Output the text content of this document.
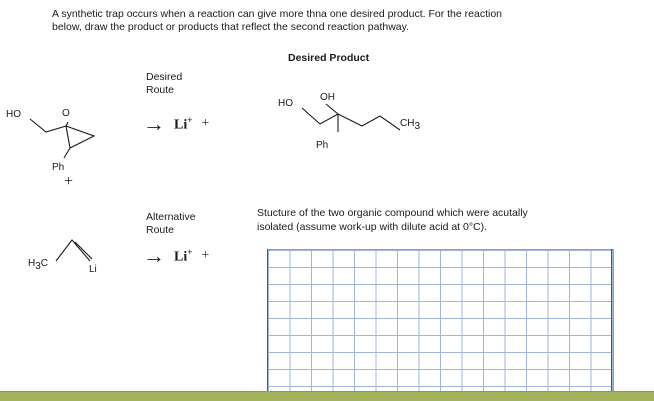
A synthetic trap occurs when a reaction can give more thna one desired product. For the reaction
below, draw the product or products that reflect the second reaction pathway.
Desired Product
Desired
Route
Alternative
Route
Stucture of the two organic compound which were acutally
isolated (assume work-up with dilute acid at 0°C).
→ Li+ +
→ Li+ +
+
HO	O
Ph
H3C
Li
HO
OH
Ph
CH3
